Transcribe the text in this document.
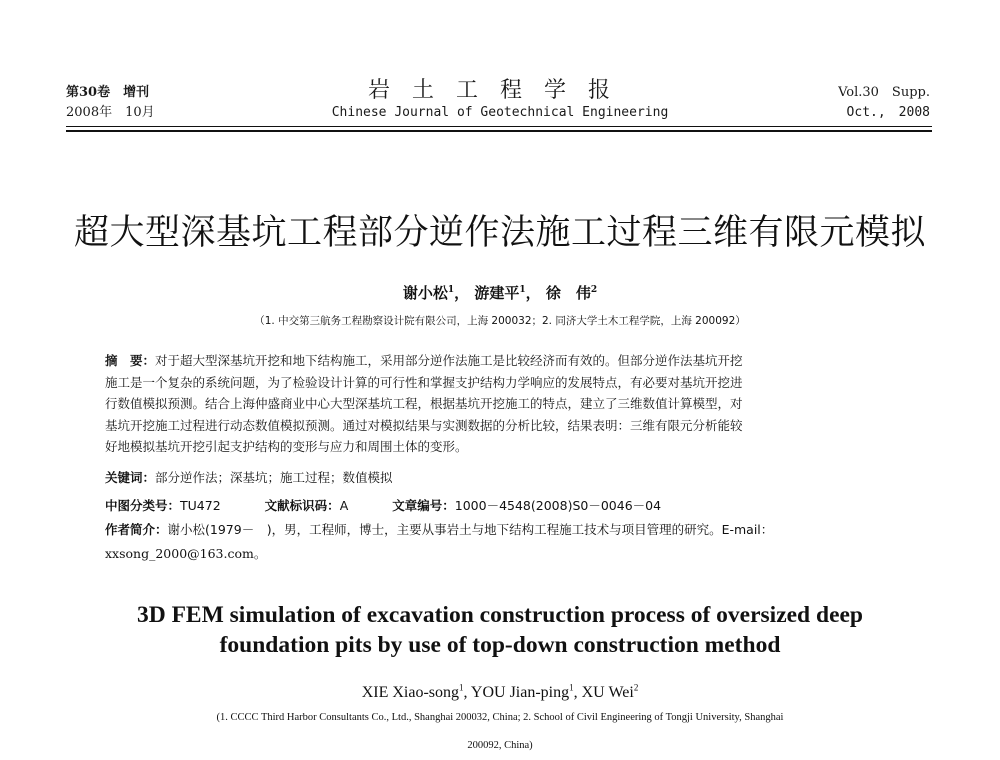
第30卷　增刊
2008年　10月
岩土工程学报
Chinese Journal of Geotechnical Engineering
Vol.30　Supp.
Oct.,　2008
超大型深基坑工程部分逆作法施工过程三维有限元模拟
谢小松$^1$， 游建平$^1$， 徐　伟$^2$
（1. 中交第三航务工程勘察设计院有限公司，上海 200032；2. 同济大学土木工程学院，上海 200092）
摘　要：对于超大型深基坑开挖和地下结构施工，采用部分逆作法施工是比较经济而有效的。但部分逆作法基坑开挖
施工是一个复杂的系统问题，为了检验设计计算的可行性和掌握支护结构力学响应的发展特点，有必要对基坑开挖进
行数值模拟预测。结合上海仲盛商业中心大型深基坑工程，根据基坑开挖施工的特点，建立了三维数值计算模型，对
基坑开挖施工过程进行动态数值模拟预测。通过对模拟结果与实测数据的分析比较，结果表明：三维有限元分析能较
好地模拟基坑开挖引起支护结构的变形与应力和周围土体的变形。
关键词：部分逆作法；深基坑；施工过程；数值模拟
中图分类号：TU472	文献标识码：A	文章编号：1000－4548(2008)S0－0046－04
作者简介：谢小松(1979－　)，男，工程师，博士，主要从事岩土与地下结构工程施工技术与项目管理的研究。E-mail：
xxsong_2000@163.com。
3D FEM simulation of excavation construction process of oversized deep
foundation pits by use of top-down construction method
XIE Xiao-song$^1$, YOU Jian-ping$^1$, XU Wei$^2$
(1. CCCC Third Harbor Consultants Co., Ltd., Shanghai 200032, China; 2. School of Civil Engineering of Tongji University, Shanghai
200092, China)
